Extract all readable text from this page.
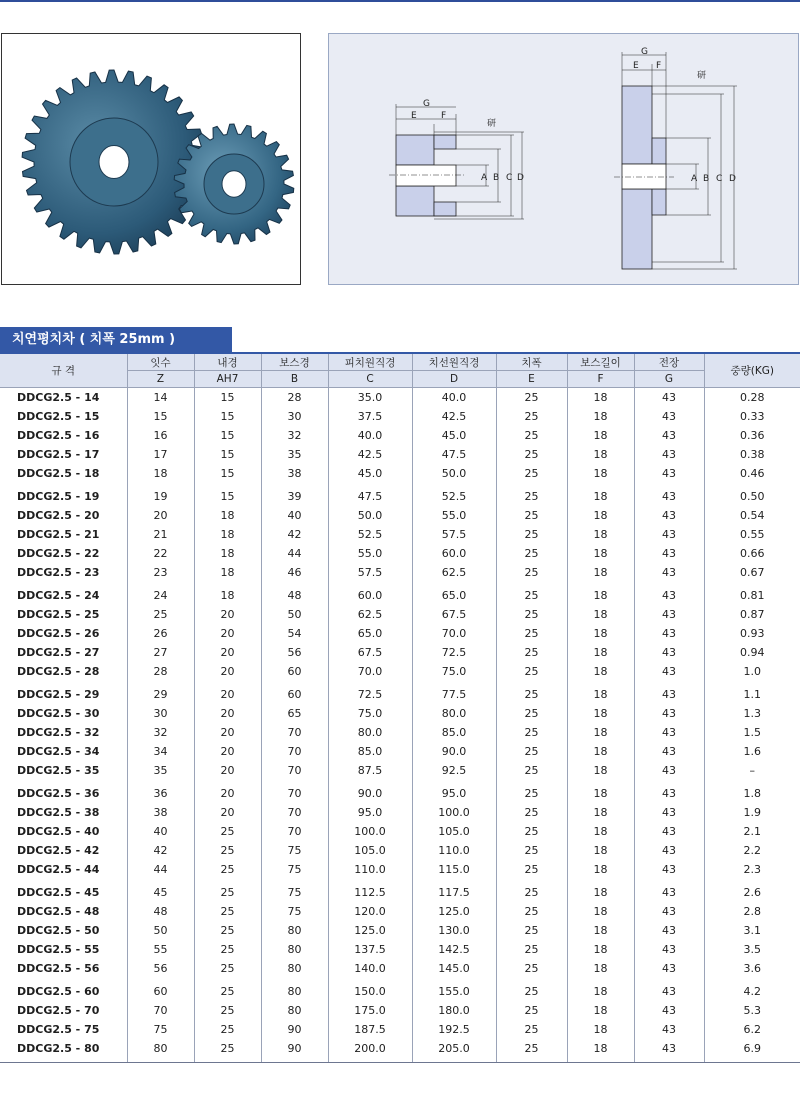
G
E	F
研
A B C D
G
E F
研
A B C D
치연평치차 ( 치폭 25mm )
규 격	잇수	내경	보스경	피치원직경	치선원직경	치폭	보스길이	전장	중량(KG)
	Z	AH7	B	C	D	E	F	G	
DDCG2.5 - 14	14	15	28	35.0	40.0	25	18	43	0.28
DDCG2.5 - 15	15	15	30	37.5	42.5	25	18	43	0.33
DDCG2.5 - 16	16	15	32	40.0	45.0	25	18	43	0.36
DDCG2.5 - 17	17	15	35	42.5	47.5	25	18	43	0.38
DDCG2.5 - 18	18	15	38	45.0	50.0	25	18	43	0.46
DDCG2.5 - 19	19	15	39	47.5	52.5	25	18	43	0.50
DDCG2.5 - 20	20	18	40	50.0	55.0	25	18	43	0.54
DDCG2.5 - 21	21	18	42	52.5	57.5	25	18	43	0.55
DDCG2.5 - 22	22	18	44	55.0	60.0	25	18	43	0.66
DDCG2.5 - 23	23	18	46	57.5	62.5	25	18	43	0.67
DDCG2.5 - 24	24	18	48	60.0	65.0	25	18	43	0.81
DDCG2.5 - 25	25	20	50	62.5	67.5	25	18	43	0.87
DDCG2.5 - 26	26	20	54	65.0	70.0	25	18	43	0.93
DDCG2.5 - 27	27	20	56	67.5	72.5	25	18	43	0.94
DDCG2.5 - 28	28	20	60	70.0	75.0	25	18	43	1.0
DDCG2.5 - 29	29	20	60	72.5	77.5	25	18	43	1.1
DDCG2.5 - 30	30	20	65	75.0	80.0	25	18	43	1.3
DDCG2.5 - 32	32	20	70	80.0	85.0	25	18	43	1.5
DDCG2.5 - 34	34	20	70	85.0	90.0	25	18	43	1.6
DDCG2.5 - 35	35	20	70	87.5	92.5	25	18	43	–
DDCG2.5 - 36	36	20	70	90.0	95.0	25	18	43	1.8
DDCG2.5 - 38	38	20	70	95.0	100.0	25	18	43	1.9
DDCG2.5 - 40	40	25	70	100.0	105.0	25	18	43	2.1
DDCG2.5 - 42	42	25	75	105.0	110.0	25	18	43	2.2
DDCG2.5 - 44	44	25	75	110.0	115.0	25	18	43	2.3
DDCG2.5 - 45	45	25	75	112.5	117.5	25	18	43	2.6
DDCG2.5 - 48	48	25	75	120.0	125.0	25	18	43	2.8
DDCG2.5 - 50	50	25	80	125.0	130.0	25	18	43	3.1
DDCG2.5 - 55	55	25	80	137.5	142.5	25	18	43	3.5
DDCG2.5 - 56	56	25	80	140.0	145.0	25	18	43	3.6
DDCG2.5 - 60	60	25	80	150.0	155.0	25	18	43	4.2
DDCG2.5 - 70	70	25	80	175.0	180.0	25	18	43	5.3
DDCG2.5 - 75	75	25	90	187.5	192.5	25	18	43	6.2
DDCG2.5 - 80	80	25	90	200.0	205.0	25	18	43	6.9
